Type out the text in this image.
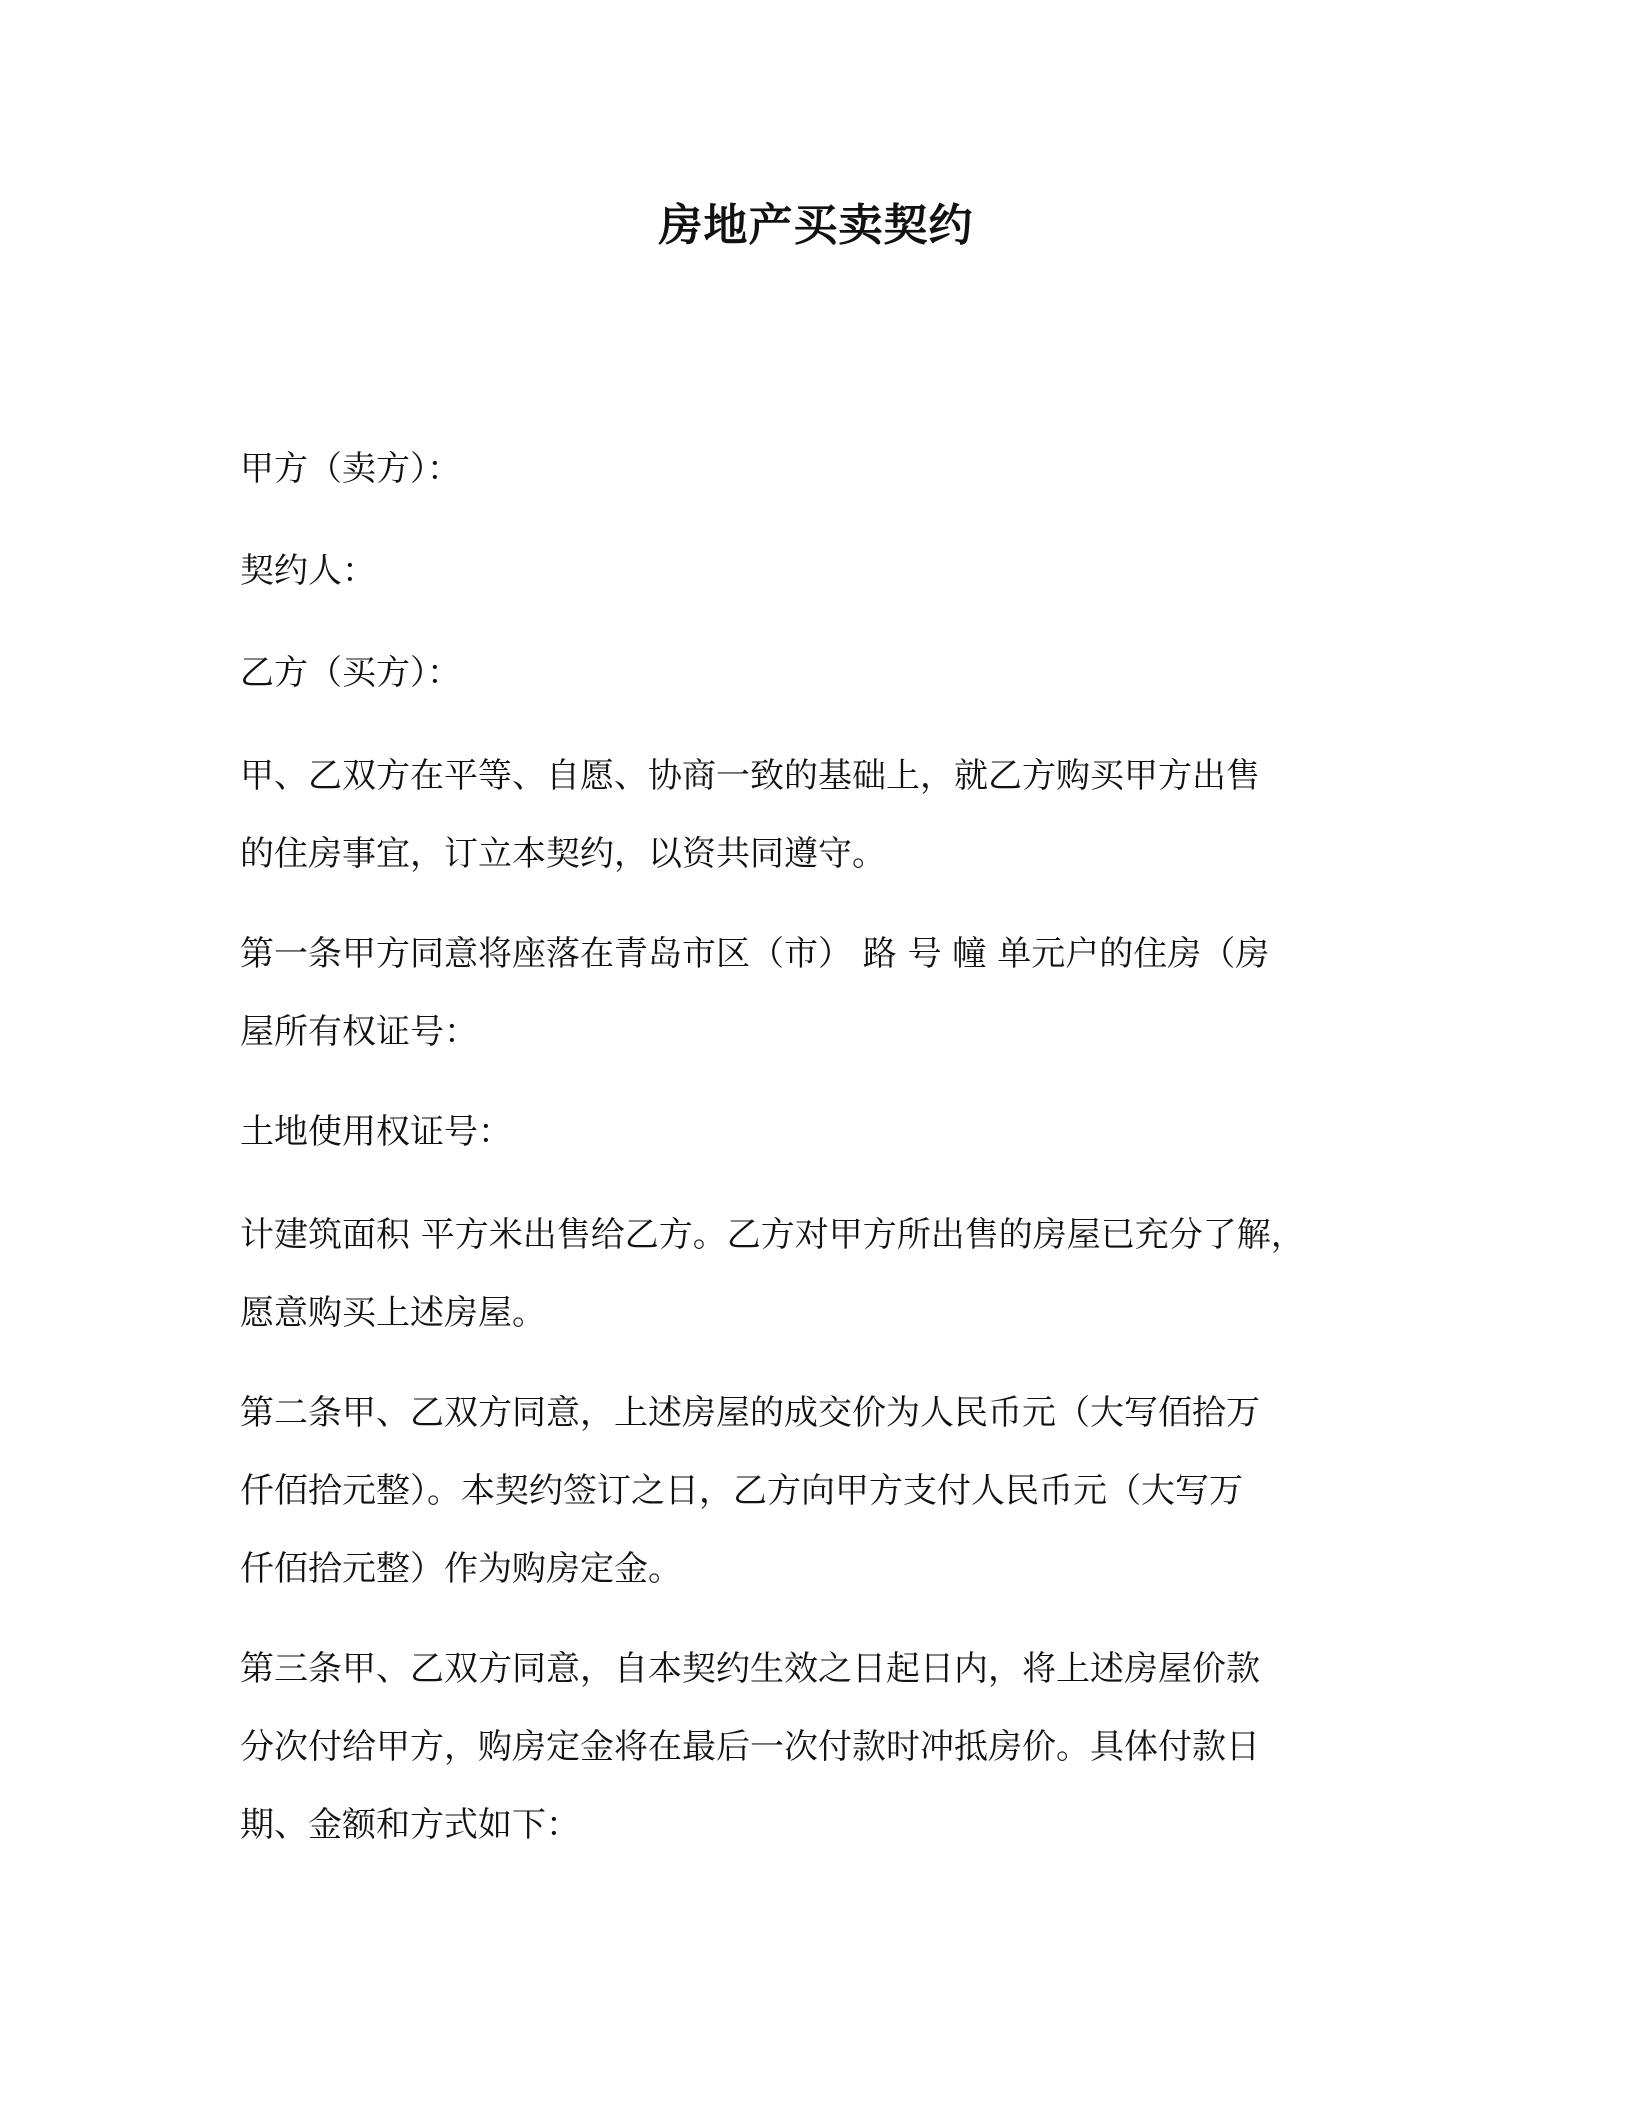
房地产买卖契约

甲方（卖方）：

契约人：

乙方（买方）：

甲、乙双方在平等、自愿、协商一致的基础上，就乙方购买甲方出售
的住房事宜，订立本契约，以资共同遵守。

第一条甲方同意将座落在青岛市区（市） 路 号 幢 单元户的住房（房
屋所有权证号：

土地使用权证号：

计建筑面积 平方米出售给乙方。乙方对甲方所出售的房屋已充分了解，
愿意购买上述房屋。

第二条甲、乙双方同意，上述房屋的成交价为人民币元（大写佰拾万
仟佰拾元整）。本契约签订之日，乙方向甲方支付人民币元（大写万
仟佰拾元整）作为购房定金。

第三条甲、乙双方同意，自本契约生效之日起日内，将上述房屋价款
分次付给甲方，购房定金将在最后一次付款时冲抵房价。具体付款日
期、金额和方式如下：
